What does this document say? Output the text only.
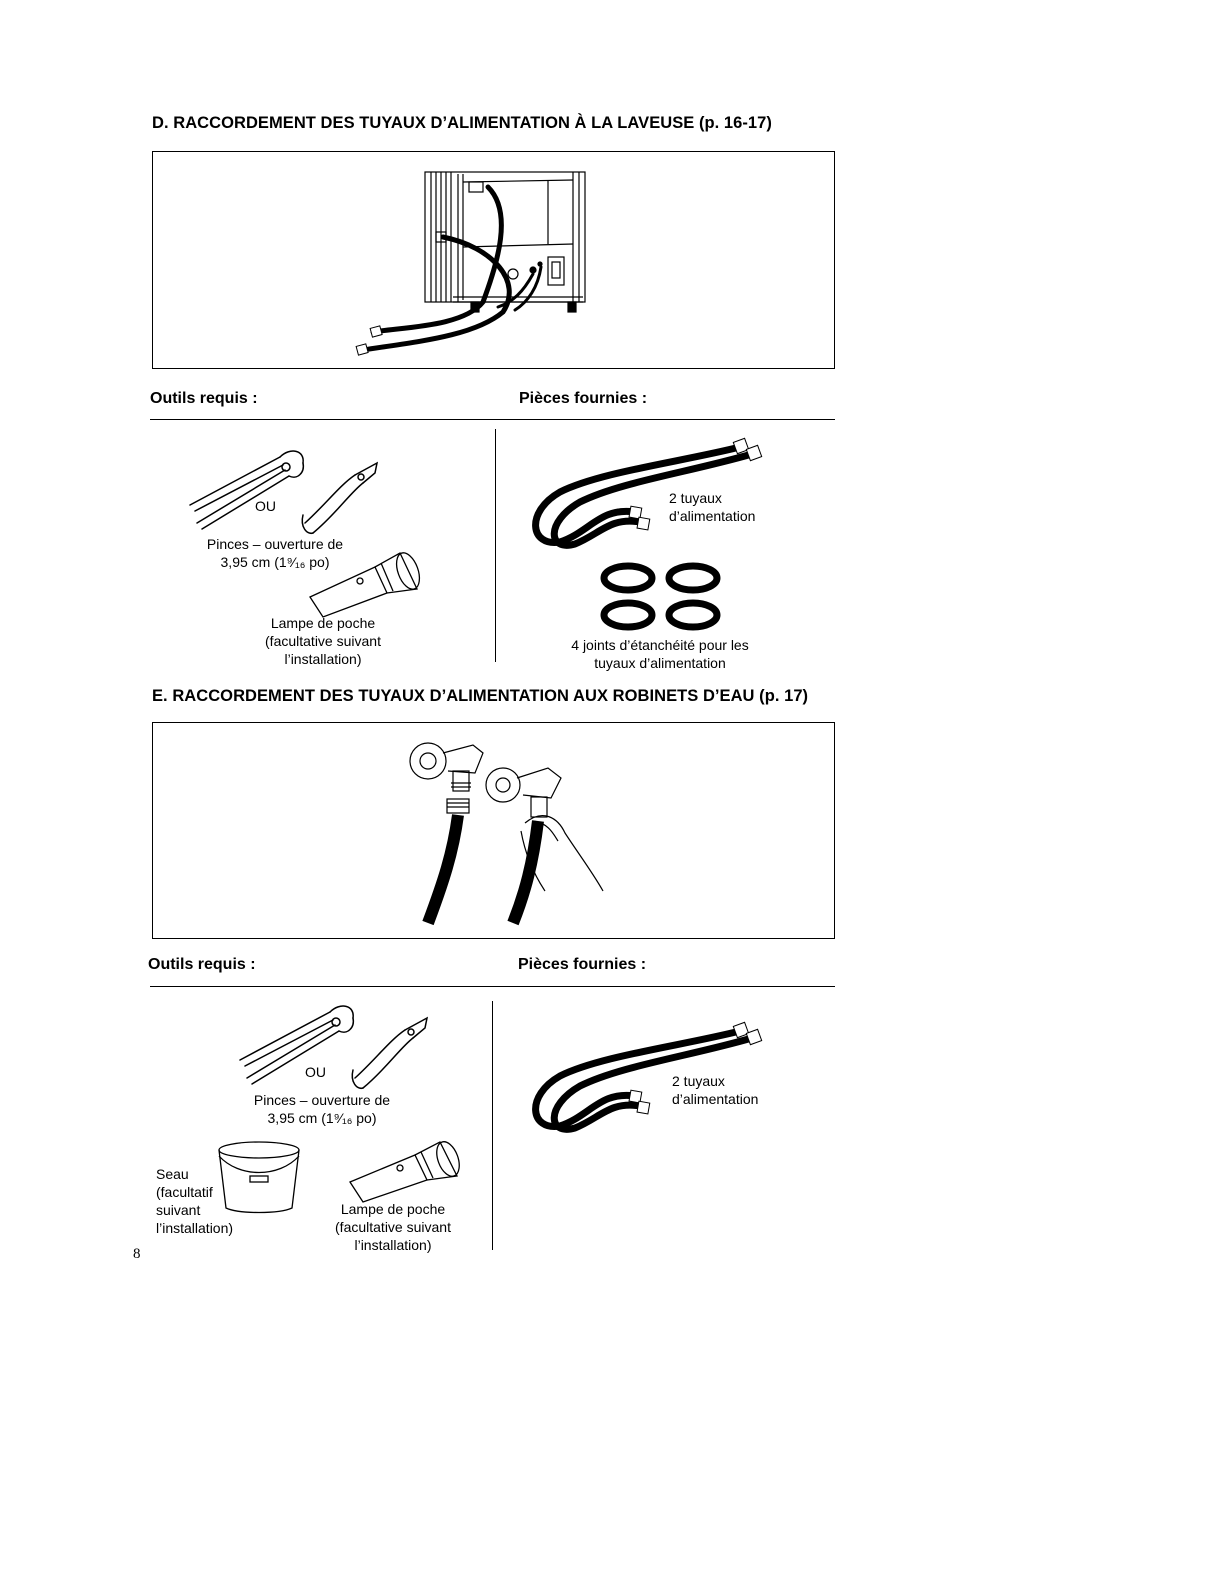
D. RACCORDEMENT DES TUYAUX D’ALIMENTATION À LA LAVEUSE (p. 16-17)
Outils requis :	Pièces fournies :
OU
Pinces – ouverture de
3,95 cm (1⁹⁄₁₆ po)
Lampe de poche
(facultative suivant
l’installation)
2 tuyaux
d’alimentation
4 joints d’étanchéité pour les
tuyaux d’alimentation
E. RACCORDEMENT DES TUYAUX D’ALIMENTATION AUX ROBINETS D’EAU (p. 17)
Outils requis :	Pièces fournies :
OU
Pinces – ouverture de
3,95 cm (1⁹⁄₁₆ po)
Seau
(facultatif
suivant
l’installation)
Lampe de poche
(facultative suivant
l’installation)
2 tuyaux
d’alimentation
8
